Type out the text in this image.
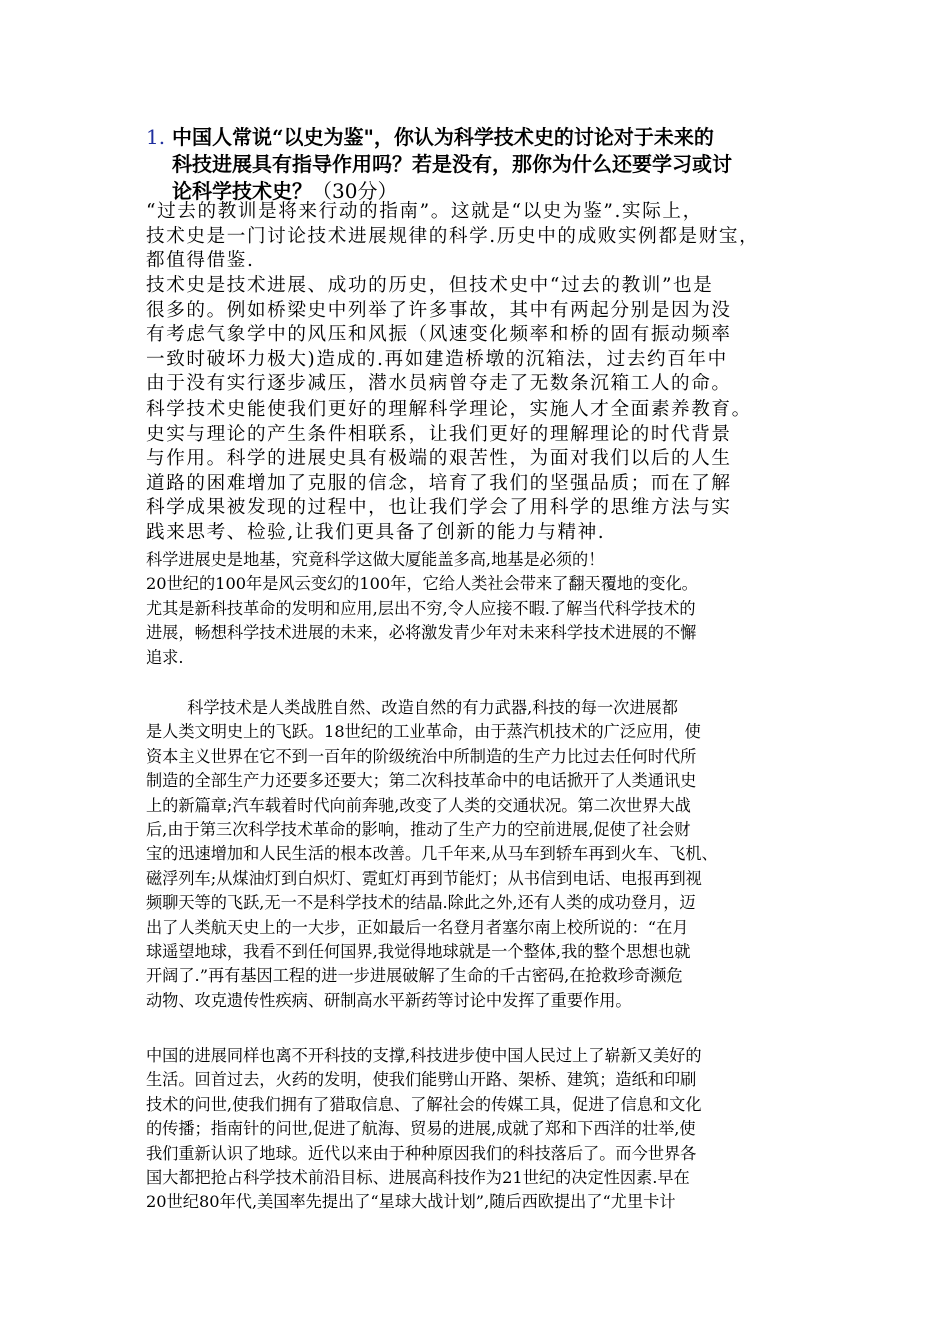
1. 中国人常说“以史为鉴"，你认为科学技术史的讨论对于未来的
科技进展具有指导作用吗？若是没有，那你为什么还要学习或讨
论科学技术史？（30分）
“过去的教训是将来行动的指南”。这就是“以史为鉴”.实际上，
技术史是一门讨论技术进展规律的科学.历史中的成败实例都是财宝，
都值得借鉴.
技术史是技术进展、成功的历史，但技术史中“过去的教训”也是
很多的。例如桥梁史中列举了许多事故，其中有两起分别是因为没
有考虑气象学中的风压和风振（风速变化频率和桥的固有振动频率
一致时破坏力极大)造成的.再如建造桥墩的沉箱法，过去约百年中
由于没有实行逐步减压，潜水员病曾夺走了无数条沉箱工人的命。
科学技术史能使我们更好的理解科学理论，实施人才全面素养教育。
史实与理论的产生条件相联系，让我们更好的理解理论的时代背景
与作用。科学的进展史具有极端的艰苦性，为面对我们以后的人生
道路的困难增加了克服的信念，培育了我们的坚强品质；而在了解
科学成果被发现的过程中，也让我们学会了用科学的思维方法与实
践来思考、检验,让我们更具备了创新的能力与精神.
科学进展史是地基，究竟科学这做大厦能盖多高,地基是必须的！
20世纪的100年是风云变幻的100年，它给人类社会带来了翻天覆地的变化。
尤其是新科技革命的发明和应用,层出不穷,令人应接不暇.了解当代科学技术的
进展，畅想科学技术进展的未来，必将激发青少年对未来科学技术进展的不懈
追求.
科学技术是人类战胜自然、改造自然的有力武器,科技的每一次进展都
是人类文明史上的飞跃。18世纪的工业革命，由于蒸汽机技术的广泛应用，使
资本主义世界在它不到一百年的阶级统治中所制造的生产力比过去任何时代所
制造的全部生产力还要多还要大；第二次科技革命中的电话掀开了人类通讯史
上的新篇章;汽车载着时代向前奔驰,改变了人类的交通状况。第二次世界大战
后,由于第三次科学技术革命的影响，推动了生产力的空前进展,促使了社会财
宝的迅速增加和人民生活的根本改善。几千年来,从马车到轿车再到火车、飞机、
磁浮列车;从煤油灯到白炽灯、霓虹灯再到节能灯；从书信到电话、电报再到视
频聊天等的飞跃,无一不是科学技术的结晶.除此之外,还有人类的成功登月，迈
出了人类航天史上的一大步，正如最后一名登月者塞尔南上校所说的：“在月
球遥望地球，我看不到任何国界,我觉得地球就是一个整体,我的整个思想也就
开阔了.”再有基因工程的进一步进展破解了生命的千古密码,在抢救珍奇濒危
动物、攻克遗传性疾病、研制高水平新药等讨论中发挥了重要作用。
中国的进展同样也离不开科技的支撑,科技进步使中国人民过上了崭新又美好的
生活。回首过去，火药的发明，使我们能劈山开路、架桥、建筑；造纸和印刷
技术的问世,使我们拥有了猎取信息、了解社会的传媒工具，促进了信息和文化
的传播；指南针的问世,促进了航海、贸易的进展,成就了郑和下西洋的壮举,使
我们重新认识了地球。近代以来由于种种原因我们的科技落后了。而今世界各
国大都把抢占科学技术前沿目标、进展高科技作为21世纪的决定性因素.早在
20世纪80年代,美国率先提出了“星球大战计划”,随后西欧提出了“尤里卡计
